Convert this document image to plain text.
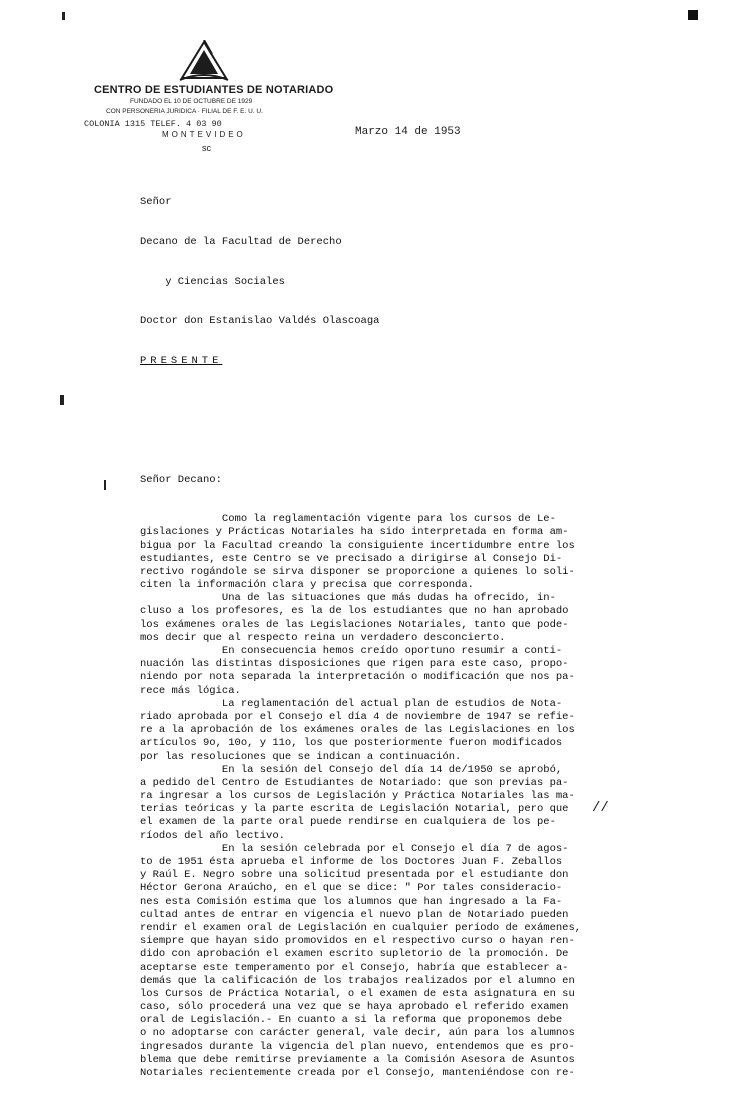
CENTRO DE ESTUDIANTES DE NOTARIADO
FUNDADO EL 10 DE OCTUBRE DE 1929
CON PERSONERIA JURIDICA · FILIAL DE F. E. U. U.
COLONIA 1315 TELEF. 4 03 90
MONTEVIDEO
sc
Marzo 14 de 1953

Señor

Decano de la Facultad de Derecho

y Ciencias Sociales

Doctor don Estanislao Valdés Olascoaga

PRESENTE

Señor Decano:

Como la reglamentación vigente para los cursos de Le-
gislaciones y Prácticas Notariales ha sido interpretada en forma am-
bigua por la Facultad creando la consiguiente incertidumbre entre los
estudiantes, este Centro se ve precisado a dirigirse al Consejo Di-
rectivo rogándole se sirva disponer se proporcione a quienes lo soli-
citen la información clara y precisa que corresponda.
Una de las situaciones que más dudas ha ofrecido, in-
cluso a los profesores, es la de los estudiantes que no han aprobado
los exámenes orales de las Legislaciones Notariales, tanto que pode-
mos decir que al respecto reina un verdadero desconcierto.
En consecuencia hemos creído oportuno resumir a conti-
nuación las distintas disposiciones que rigen para este caso, propo-
niendo por nota separada la interpretación o modificación que nos pa-
rece más lógica.
La reglamentación del actual plan de estudios de Nota-
riado aprobada por el Consejo el día 4 de noviembre de 1947 se refie-
re a la aprobación de los exámenes orales de las Legislaciones en los
artículos 9o, 10o, y 11o, los que posteriormente fueron modificados
por las resoluciones que se indican a continuación.
En la sesión del Consejo del día 14 de/1950 se aprobó,
a pedido del Centro de Estudiantes de Notariado: que son previas pa-
ra ingresar a los cursos de Legislación y Práctica Notariales las ma-
terias teóricas y la parte escrita de Legislación Notarial, pero que
el examen de la parte oral puede rendirse en cualquiera de los pe-
ríodos del año lectivo.
En la sesión celebrada por el Consejo el día 7 de agos-
to de 1951 ésta aprueba el informe de los Doctores Juan F. Zeballos
y Raúl E. Negro sobre una solicitud presentada por el estudiante don
Héctor Gerona Araúcho, en el que se dice: " Por tales consideracio-
nes esta Comisión estima que los alumnos que han ingresado a la Fa-
cultad antes de entrar en vigencia el nuevo plan de Notariado pueden
rendir el examen oral de Legislación en cualquier período de exámenes,
siempre que hayan sido promovidos en el respectivo curso o hayan ren-
dido con aprobación el examen escrito supletorio de la promoción. De
aceptarse este temperamento por el Consejo, habría que establecer a-
demás que la calificación de los trabajos realizados por el alumno en
los Cursos de Práctica Notarial, o el examen de esta asignatura en su
caso, sólo procederá una vez que se haya aprobado el referido examen
oral de Legislación.- En cuanto a si la reforma que proponemos debe
o no adoptarse con carácter general, vale decir, aún para los alumnos
ingresados durante la vigencia del plan nuevo, entendemos que es pro-
blema que debe remitirse previamente a la Comisión Asesora de Asuntos
Notariales recientemente creada por el Consejo, manteniéndose con re-

//
